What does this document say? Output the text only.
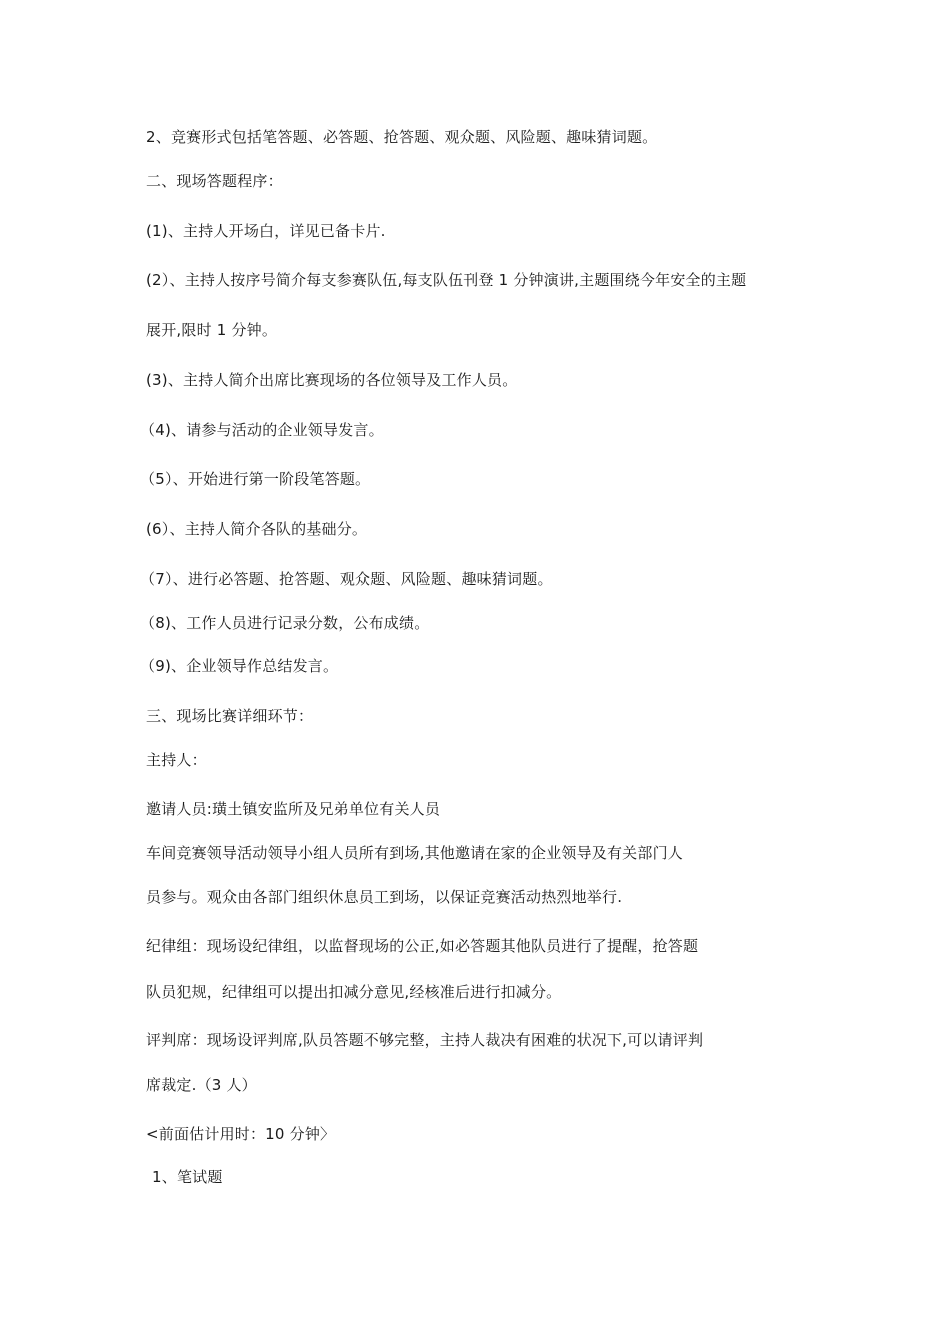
2、竞赛形式包括笔答题、必答题、抢答题、观众题、风险题、趣味猜词题。
二、现场答题程序：
(1)、主持人开场白，详见已备卡片.
(2）、主持人按序号简介每支参赛队伍,每支队伍刊登 1 分钟演讲,主题围绕今年安全的主题
展开,限时 1 分钟。
(3)、主持人简介出席比赛现场的各位领导及工作人员。
（4)、请参与活动的企业领导发言。
（5）、开始进行第一阶段笔答题。
(6）、主持人简介各队的基础分。
（7）、进行必答题、抢答题、观众题、风险题、趣味猜词题。
（8)、工作人员进行记录分数，公布成绩。
（9)、企业领导作总结发言。
三、现场比赛详细环节：
主持人：
邀请人员:璜土镇安监所及兄弟单位有关人员
车间竞赛领导活动领导小组人员所有到场,其他邀请在家的企业领导及有关部门人
员参与。观众由各部门组织休息员工到场，以保证竞赛活动热烈地举行.
纪律组：现场设纪律组，以监督现场的公正,如必答题其他队员进行了提醒，抢答题
队员犯规，纪律组可以提出扣减分意见,经核准后进行扣减分。
评判席：现场设评判席,队员答题不够完整，主持人裁决有困难的状况下,可以请评判
席裁定.（3 人）
<前面估计用时：10 分钟〉
1、笔试题
